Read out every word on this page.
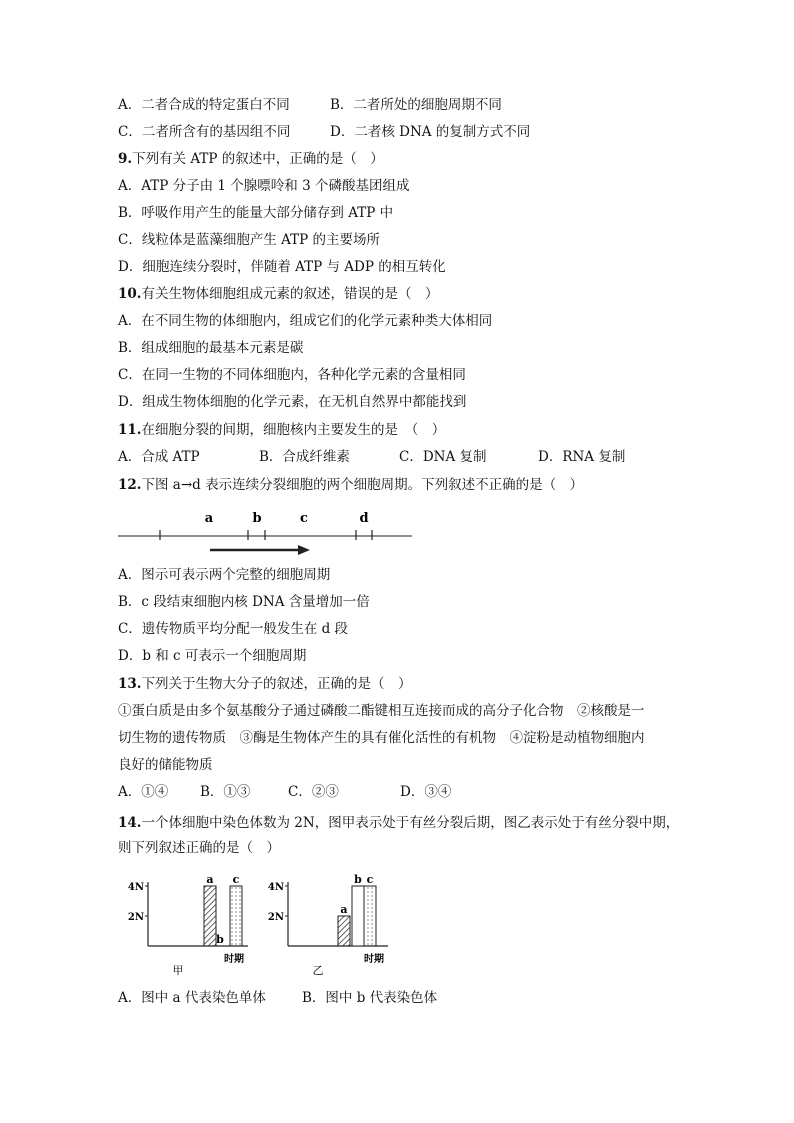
A．二者合成的特定蛋白不同	B．二者所处的细胞周期不同
C．二者所含有的基因组不同	D．二者核 DNA 的复制方式不同
9.下列有关 ATP 的叙述中，正确的是（　）
A．ATP 分子由 1 个腺嘌呤和 3 个磷酸基团组成
B．呼吸作用产生的能量大部分储存到 ATP 中
C．线粒体是蓝藻细胞产生 ATP 的主要场所
D．细胞连续分裂时，伴随着 ATP 与 ADP 的相互转化
10.有关生物体细胞组成元素的叙述，错误的是（　）
A．在不同生物的体细胞内，组成它们的化学元素种类大体相同
B．组成细胞的最基本元素是碳
C．在同一生物的不同体细胞内，各种化学元素的含量相同
D．组成生物体细胞的化学元素，在无机自然界中都能找到
11.在细胞分裂的间期，细胞核内主要发生的是　（　）
A．合成 ATP	B．合成纤维素	C．DNA 复制	D．RNA 复制
12.下图 a→d 表示连续分裂细胞的两个细胞周期。下列叙述不正确的是（　）
a	b	c	d
A．图示可表示两个完整的细胞周期
B．c 段结束细胞内核 DNA 含量增加一倍
C．遗传物质平均分配一般发生在 d 段
D．b 和 c 可表示一个细胞周期
13.下列关于生物大分子的叙述，正确的是（　）
①蛋白质是由多个氨基酸分子通过磷酸二酯键相互连接而成的高分子化合物　②核酸是一
切生物的遗传物质　③酶是生物体产生的具有催化活性的有机物　④淀粉是动植物细胞内
良好的储能物质
A．①④ B．①③	C．②③	D．③④
14.一个体细胞中染色体数为 2N，图甲表示处于有丝分裂后期，图乙表示处于有丝分裂中期，
则下列叙述正确的是（　）
2N
4N
a
b
c
时期
甲
2N
4N
a
b c
时期
乙
A．图中 a 代表染色单体	B．图中 b 代表染色体
